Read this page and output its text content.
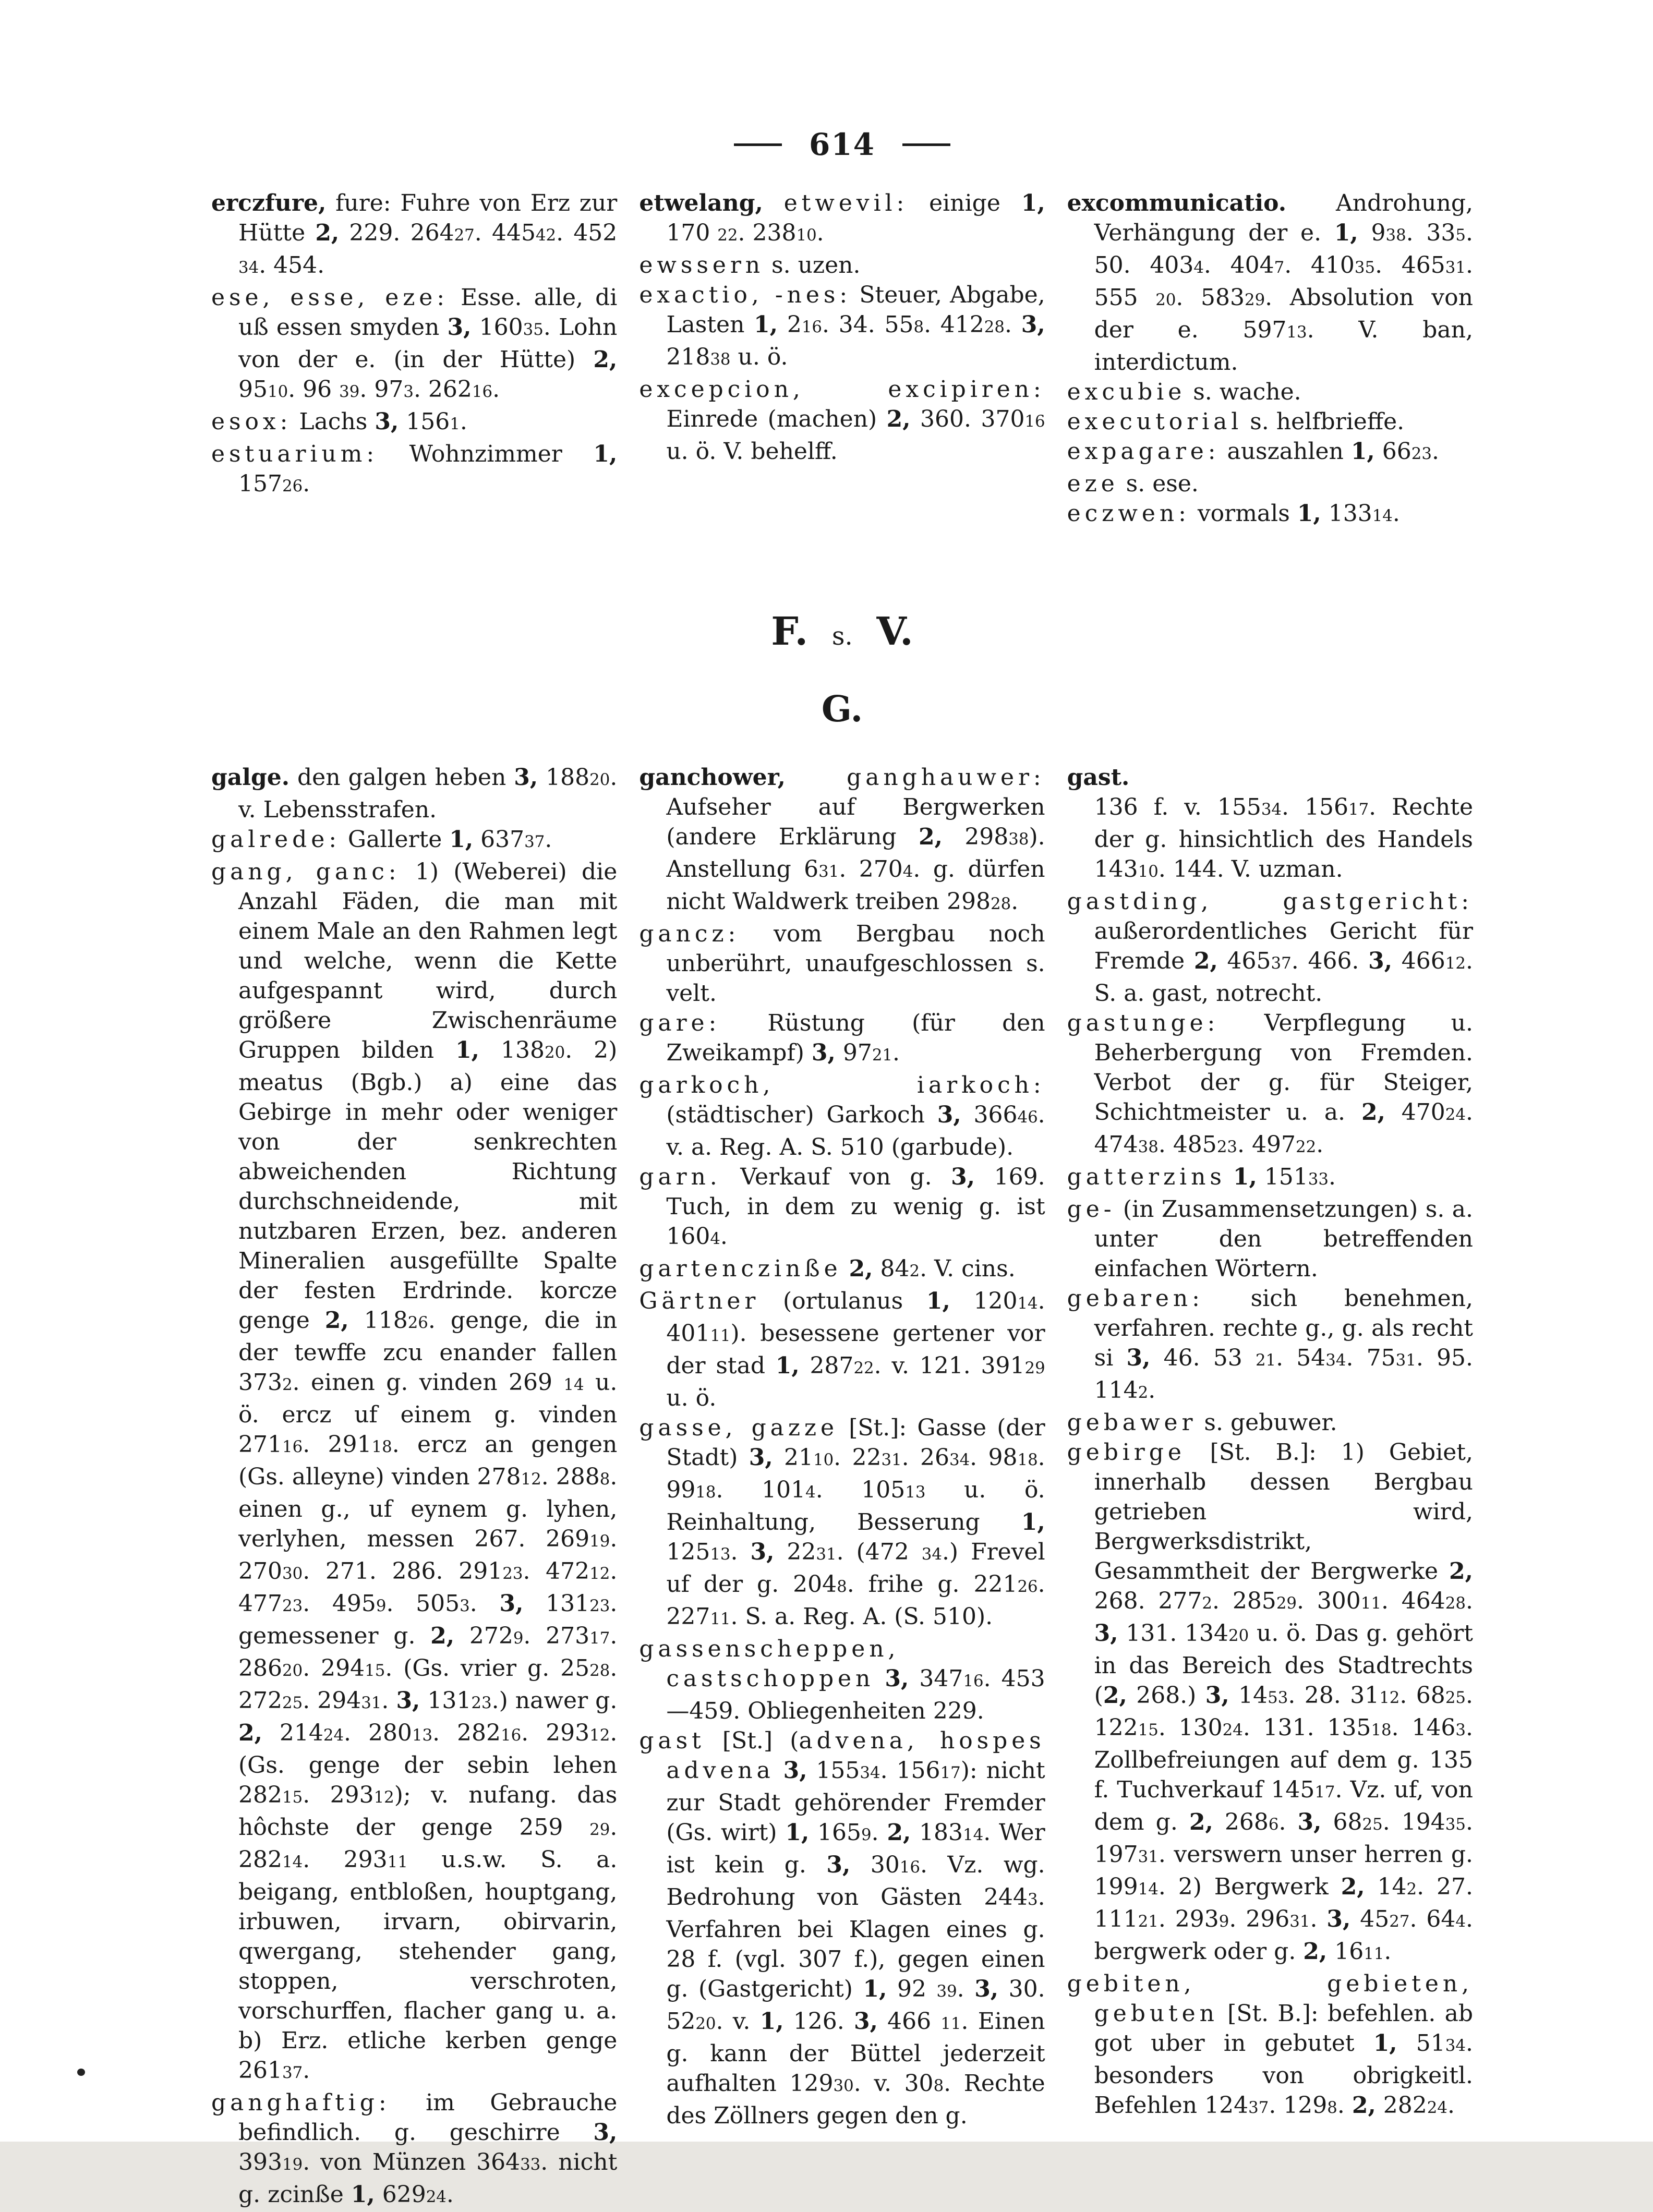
614

erczfure, fure: Fuhre von Erz zur Hütte 2, 229. 26427. 44542. 452 34. 454.

ese, esse, eze: Esse. alle, di uß essen smyden 3, 16035. Lohn von der e. (in der Hütte) 2, 9510. 96 39. 973. 26216.

esox: Lachs 3, 1561.

estuarium: Wohnzimmer 1, 15726.

etwelang, etwevil: einige 1, 170 22. 23810.

ewssern s. uzen.

exactio, -nes: Steuer, Abgabe, Lasten 1, 216. 34. 558. 41228. 3, 21838 u. ö.

excepcion, excipiren: Einrede (machen) 2, 360. 37016 u. ö. V. behelff.

excommunicatio. Androhung, Verhängung der e. 1, 938. 335. 50. 4034. 4047. 41035. 46531. 555 20. 58329. Absolution von der e. 59713. V. ban, interdictum.

excubie s. wache.

executorial s. helfbrieffe.

expagare: auszahlen 1, 6623.

eze s. ese.

eczwen: vormals 1, 13314.

F. s. V.
G.

galge. den galgen heben 3, 18820. v. Lebensstrafen.

galrede: Gallerte 1, 63737.

gang, ganc: 1) (Weberei) die Anzahl Fäden, die man mit einem Male an den Rahmen legt und welche, wenn die Kette aufgespannt wird, durch größere Zwischenräume Gruppen bilden 1, 13820. 2) meatus (Bgb.) a) eine das Gebirge in mehr oder weniger von der senkrechten abweichenden Richtung durchschneidende, mit nutzbaren Erzen, bez. anderen Mineralien ausgefüllte Spalte der festen Erdrinde. korcze genge 2, 11826. genge, die in der tewffe zcu enander fallen 3732. einen g. vinden 269 14 u. ö. ercz uf einem g. vinden 27116. 29118. ercz an gengen (Gs. alleyne) vinden 27812. 2888. einen g., uf eynem g. lyhen, verlyhen, messen 267. 26919. 27030. 271. 286. 29123. 47212. 47723. 4959. 5053. 3, 13123. gemessener g. 2, 2729. 27317. 28620. 29415. (Gs. vrier g. 2528. 27225. 29431. 3, 13123.) nawer g. 2, 21424. 28013. 28216. 29312. (Gs. genge der sebin lehen 28215. 29312); v. nufang. das hôchste der genge 259 29. 28214. 29311 u.s.w. S. a. beigang, entbloßen, houptgang, irbuwen, irvarn, obirvarin, qwergang, stehender gang, stoppen, verschroten, vorschurffen, flacher gang u. a. b) Erz. etliche kerben genge 26137.

ganghaftig: im Gebrauche befindlich. g. geschirre 3, 39319. von Münzen 36433. nicht g. zcinße 1, 62924.

ganchower,	ganghauwer: Aufseher auf Bergwerken (andere Erklärung 2, 29838). Anstellung 631. 2704. g. dürfen nicht Waldwerk treiben 29828.

gancz: vom Bergbau noch unberührt, unaufgeschlossen s. velt.

gare: Rüstung (für den Zweikampf) 3, 9721.

garkoch, iarkoch: (städtischer) Garkoch 3, 36646. v. a. Reg. A. S. 510 (garbude).

garn. Verkauf von g. 3, 169. Tuch, in dem zu wenig g. ist 1604.

gartenczinße 2, 842. V. cins.

Gärtner (ortulanus 1, 12014. 40111). besessene gertener vor der stad 1, 28722. v. 121. 39129 u. ö.

gasse, gazze [St.]: Gasse (der Stadt) 3, 2110. 2231. 2634. 9818. 9918. 1014. 10513 u. ö. Reinhaltung, Besserung 1, 12513. 3, 2231. (472 34.) Frevel uf der g. 2048. frihe g. 22126. 22711. S. a. Reg. A. (S. 510).

gassenscheppen, castschoppen 3, 34716. 453—459. Obliegenheiten 229.

gast [St.] (advena, hospes advena 3, 15534. 15617): nicht zur Stadt gehörender Fremder (Gs. wirt) 1, 1659. 2, 18314. Wer ist kein g. 3, 3016. Vz. wg. Bedrohung von Gästen 2443. Verfahren bei Klagen eines g. 28 f. (vgl. 307 f.), gegen einen g. (Gastgericht) 1, 92 39. 3, 30. 5220. v. 1, 126. 3, 466 11. Einen g. kann der Büttel jederzeit aufhalten 12930. v. 308. Rechte des Zöllners gegen den g.

gast.
136 f. v. 15534. 15617. Rechte der g. hinsichtlich des Handels 14310. 144. V. uzman.

gastding, gastgericht: außerordentliches Gericht für Fremde 2, 46537. 466. 3, 46612. S. a. gast, notrecht.

gastunge: Verpflegung u. Beherbergung von Fremden. Verbot der g. für Steiger, Schichtmeister u. a. 2, 47024. 47438. 48523. 49722.

gatterzins 1, 15133.

ge- (in Zusammensetzungen) s. a. unter den betreffenden einfachen Wörtern.

gebaren: sich benehmen, verfahren. rechte g., g. als recht si 3, 46. 53 21. 5434. 7531. 95. 1142.

gebawer s. gebuwer.

gebirge [St. B.]: 1) Gebiet, innerhalb dessen Bergbau getrieben wird, Bergwerksdistrikt, Gesammtheit der Bergwerke 2, 268. 2772. 28529. 30011. 46428. 3, 131. 13420 u. ö. Das g. gehört in das Bereich des Stadtrechts (2, 268.) 3, 1453. 28. 3112. 6825. 12215. 13024. 131. 13518. 1463. Zollbefreiungen auf dem g. 135 f. Tuchverkauf 14517. Vz. uf, von dem g. 2, 2686. 3, 6825. 19435. 19731. verswern unser herren g. 19914. 2) Bergwerk 2, 142. 27. 11121. 2939. 29631. 3, 4527. 644. bergwerk oder g. 2, 1611.

gebiten, gebieten, gebuten [St. B.]: befehlen. ab got uber in gebutet 1, 5134. besonders von obrigkeitl. Befehlen 12437. 1298. 2, 28224.
